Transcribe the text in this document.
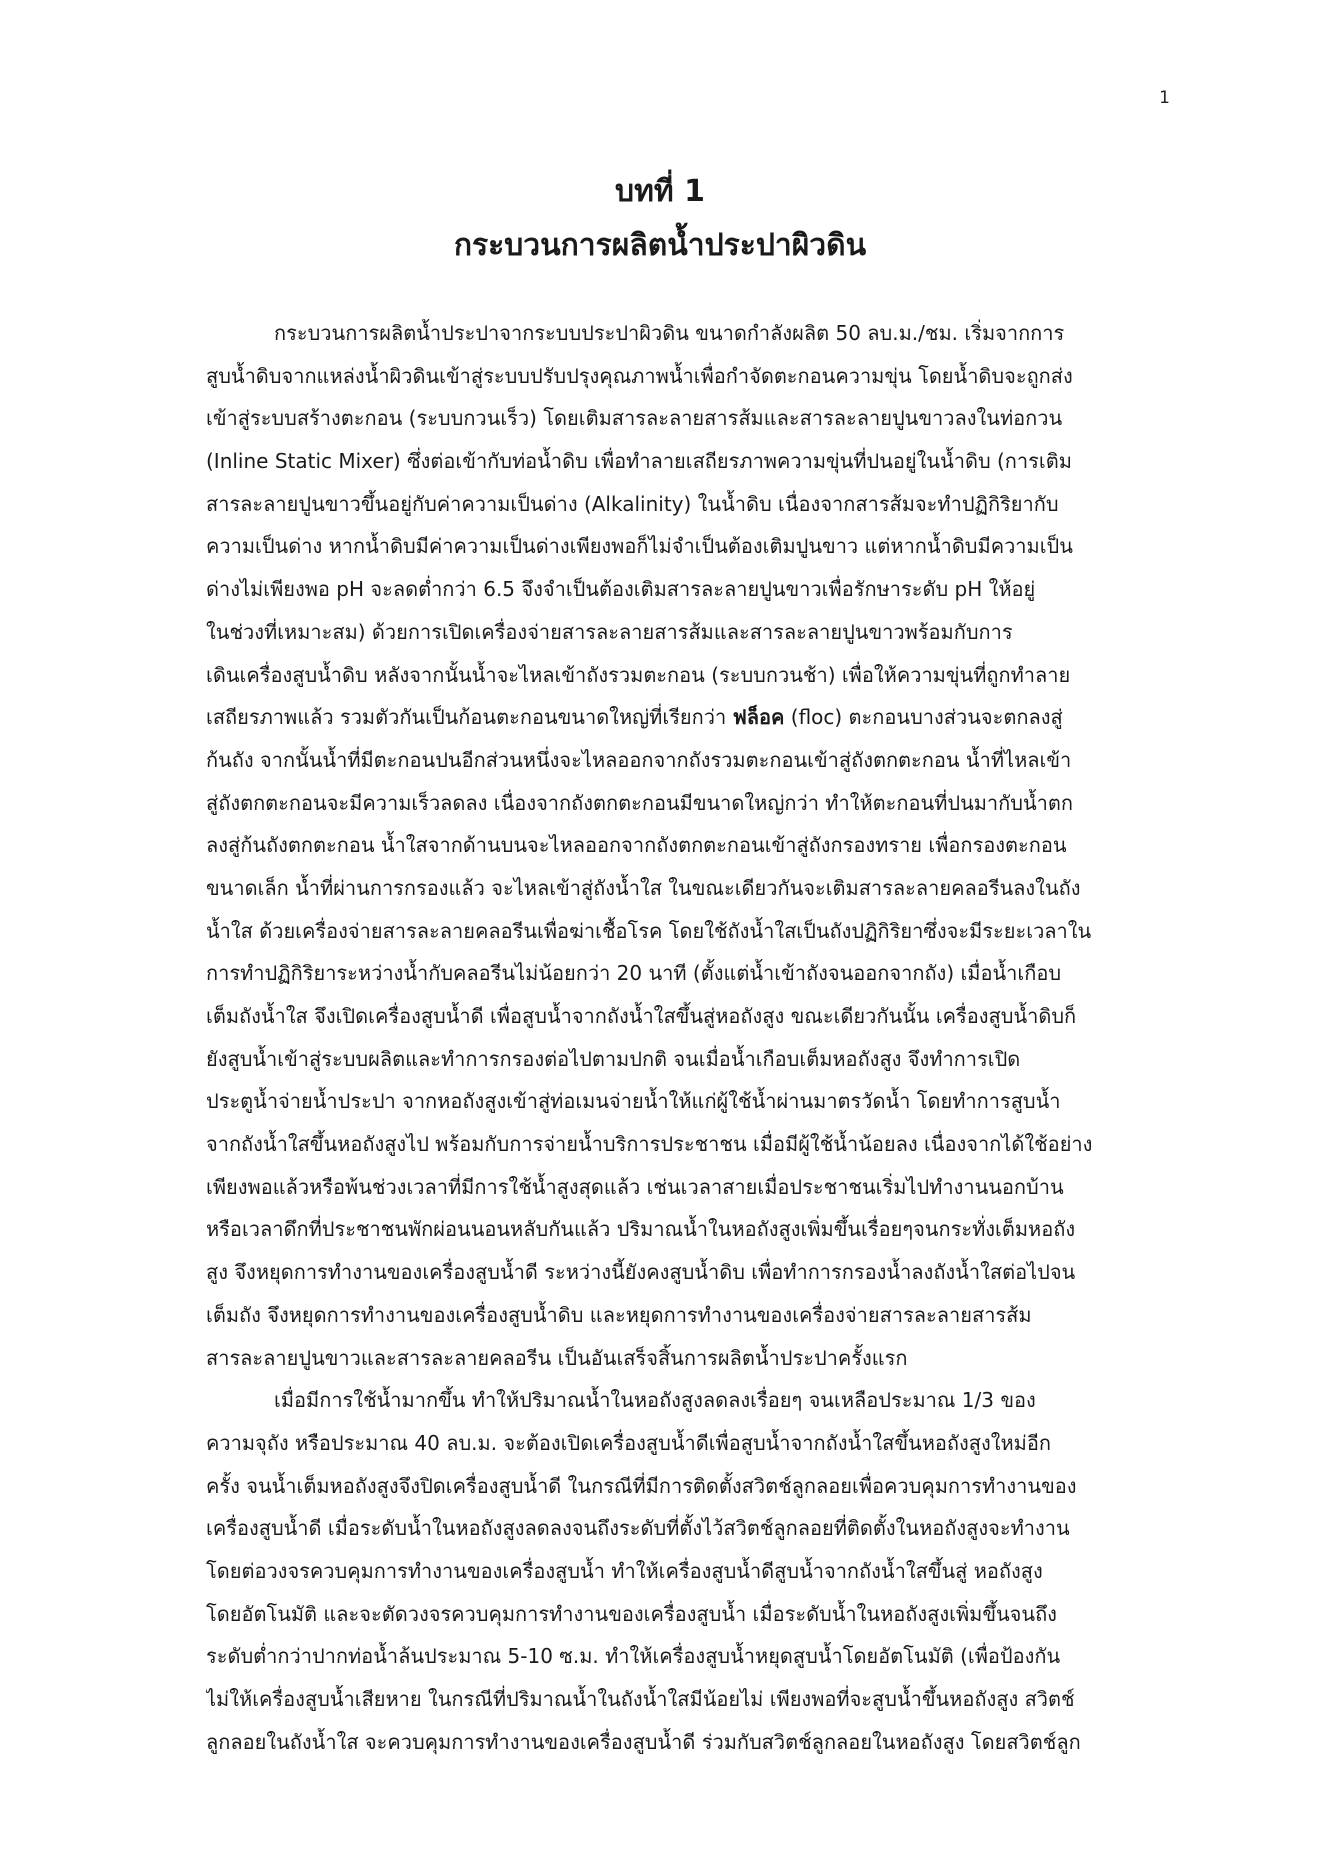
1
บทที่ 1
กระบวนการผลิตน้ำประปาผิวดิน
กระบวนการผลิตน้ำประปาจากระบบประปาผิวดิน ขนาดกำลังผลิต 50 ลบ.ม./ชม. เริ่มจากการ
สูบน้ำดิบจากแหล่งน้ำผิวดินเข้าสู่ระบบปรับปรุงคุณภาพน้ำเพื่อกำจัดตะกอนความขุ่น โดยน้ำดิบจะถูกส่ง
เข้าสู่ระบบสร้างตะกอน (ระบบกวนเร็ว) โดยเติมสารละลายสารส้มและสารละลายปูนขาวลงในท่อกวน
(Inline Static Mixer) ซึ่งต่อเข้ากับท่อน้ำดิบ เพื่อทำลายเสถียรภาพความขุ่นที่ปนอยู่ในน้ำดิบ (การเติม
สารละลายปูนขาวขึ้นอยู่กับค่าความเป็นด่าง (Alkalinity) ในน้ำดิบ เนื่องจากสารส้มจะทำปฏิกิริยากับ
ความเป็นด่าง หากน้ำดิบมีค่าความเป็นด่างเพียงพอก็ไม่จำเป็นต้องเติมปูนขาว แต่หากน้ำดิบมีความเป็น
ด่างไม่เพียงพอ pH จะลดต่ำกว่า 6.5 จึงจำเป็นต้องเติมสารละลายปูนขาวเพื่อรักษาระดับ pH ให้อยู่
ในช่วงที่เหมาะสม) ด้วยการเปิดเครื่องจ่ายสารละลายสารส้มและสารละลายปูนขาวพร้อมกับการ
เดินเครื่องสูบน้ำดิบ หลังจากนั้นน้ำจะไหลเข้าถังรวมตะกอน (ระบบกวนช้า) เพื่อให้ความขุ่นที่ถูกทำลาย
เสถียรภาพแล้ว รวมตัวกันเป็นก้อนตะกอนขนาดใหญ่ที่เรียกว่า ฟล็อค (floc) ตะกอนบางส่วนจะตกลงสู่
ก้นถัง จากนั้นน้ำที่มีตะกอนปนอีกส่วนหนึ่งจะไหลออกจากถังรวมตะกอนเข้าสู่ถังตกตะกอน น้ำที่ไหลเข้า
สู่ถังตกตะกอนจะมีความเร็วลดลง เนื่องจากถังตกตะกอนมีขนาดใหญ่กว่า ทำให้ตะกอนที่ปนมากับน้ำตก
ลงสู่ก้นถังตกตะกอน น้ำใสจากด้านบนจะไหลออกจากถังตกตะกอนเข้าสู่ถังกรองทราย เพื่อกรองตะกอน
ขนาดเล็ก น้ำที่ผ่านการกรองแล้ว จะไหลเข้าสู่ถังน้ำใส ในขณะเดียวกันจะเติมสารละลายคลอรีนลงในถัง
น้ำใส ด้วยเครื่องจ่ายสารละลายคลอรีนเพื่อฆ่าเชื้อโรค โดยใช้ถังน้ำใสเป็นถังปฏิกิริยาซึ่งจะมีระยะเวลาใน
การทำปฏิกิริยาระหว่างน้ำกับคลอรีนไม่น้อยกว่า 20 นาที (ตั้งแต่น้ำเข้าถังจนออกจากถัง) เมื่อน้ำเกือบ
เต็มถังน้ำใส จึงเปิดเครื่องสูบน้ำดี เพื่อสูบน้ำจากถังน้ำใสขึ้นสู่หอถังสูง ขณะเดียวกันนั้น เครื่องสูบน้ำดิบก็
ยังสูบน้ำเข้าสู่ระบบผลิตและทำการกรองต่อไปตามปกติ จนเมื่อน้ำเกือบเต็มหอถังสูง จึงทำการเปิด
ประตูน้ำจ่ายน้ำประปา จากหอถังสูงเข้าสู่ท่อเมนจ่ายน้ำให้แก่ผู้ใช้น้ำผ่านมาตรวัดน้ำ โดยทำการสูบน้ำ
จากถังน้ำใสขึ้นหอถังสูงไป พร้อมกับการจ่ายน้ำบริการประชาชน เมื่อมีผู้ใช้น้ำน้อยลง เนื่องจากได้ใช้อย่าง
เพียงพอแล้วหรือพ้นช่วงเวลาที่มีการใช้น้ำสูงสุดแล้ว เช่นเวลาสายเมื่อประชาชนเริ่มไปทำงานนอกบ้าน
หรือเวลาดึกที่ประชาชนพักผ่อนนอนหลับกันแล้ว ปริมาณน้ำในหอถังสูงเพิ่มขึ้นเรื่อยๆจนกระทั่งเต็มหอถัง
สูง จึงหยุดการทำงานของเครื่องสูบน้ำดี ระหว่างนี้ยังคงสูบน้ำดิบ เพื่อทำการกรองน้ำลงถังน้ำใสต่อไปจน
เต็มถัง จึงหยุดการทำงานของเครื่องสูบน้ำดิบ และหยุดการทำงานของเครื่องจ่ายสารละลายสารส้ม
สารละลายปูนขาวและสารละลายคลอรีน เป็นอันเสร็จสิ้นการผลิตน้ำประปาครั้งแรก
เมื่อมีการใช้น้ำมากขึ้น ทำให้ปริมาณน้ำในหอถังสูงลดลงเรื่อยๆ จนเหลือประมาณ 1/3 ของ
ความจุถัง หรือประมาณ 40 ลบ.ม. จะต้องเปิดเครื่องสูบน้ำดีเพื่อสูบน้ำจากถังน้ำใสขึ้นหอถังสูงใหม่อีก
ครั้ง จนน้ำเต็มหอถังสูงจึงปิดเครื่องสูบน้ำดี ในกรณีที่มีการติดตั้งสวิตช์ลูกลอยเพื่อควบคุมการทำงานของ
เครื่องสูบน้ำดี เมื่อระดับน้ำในหอถังสูงลดลงจนถึงระดับที่ตั้งไว้สวิตช์ลูกลอยที่ติดตั้งในหอถังสูงจะทำงาน
โดยต่อวงจรควบคุมการทำงานของเครื่องสูบน้ำ ทำให้เครื่องสูบน้ำดีสูบน้ำจากถังน้ำใสขึ้นสู่ หอถังสูง
โดยอัตโนมัติ และจะตัดวงจรควบคุมการทำงานของเครื่องสูบน้ำ เมื่อระดับน้ำในหอถังสูงเพิ่มขึ้นจนถึง
ระดับต่ำกว่าปากท่อน้ำล้นประมาณ 5-10 ซ.ม. ทำให้เครื่องสูบน้ำหยุดสูบน้ำโดยอัตโนมัติ (เพื่อป้องกัน
ไม่ให้เครื่องสูบน้ำเสียหาย ในกรณีที่ปริมาณน้ำในถังน้ำใสมีน้อยไม่ เพียงพอที่จะสูบน้ำขึ้นหอถังสูง สวิตช์
ลูกลอยในถังน้ำใส จะควบคุมการทำงานของเครื่องสูบน้ำดี ร่วมกับสวิตช์ลูกลอยในหอถังสูง โดยสวิตช์ลูก
